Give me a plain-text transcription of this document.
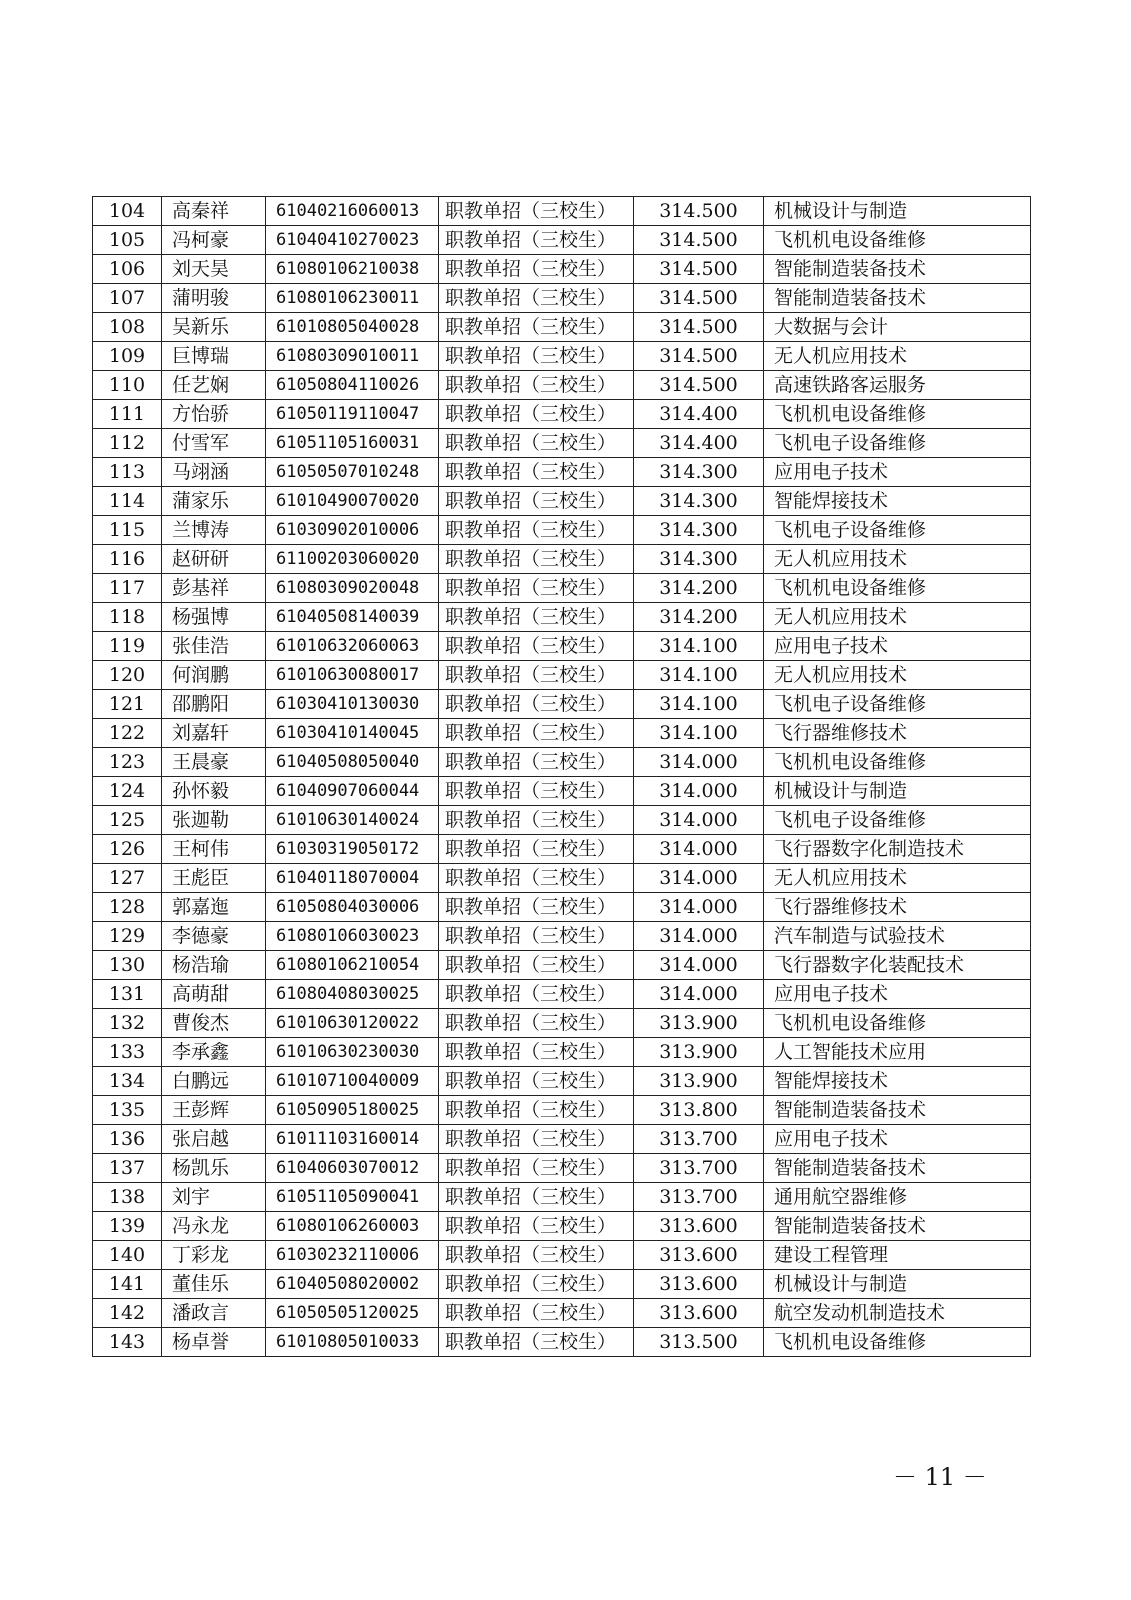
104	高秦祥	61040216060013	职教单招（三校生）	314.500	机械设计与制造
105	冯柯豪	61040410270023	职教单招（三校生）	314.500	飞机机电设备维修
106	刘天昊	61080106210038	职教单招（三校生）	314.500	智能制造装备技术
107	蒲明骏	61080106230011	职教单招（三校生）	314.500	智能制造装备技术
108	吴新乐	61010805040028	职教单招（三校生）	314.500	大数据与会计
109	巨博瑞	61080309010011	职教单招（三校生）	314.500	无人机应用技术
110	任艺娴	61050804110026	职教单招（三校生）	314.500	高速铁路客运服务
111	方怡骄	61050119110047	职教单招（三校生）	314.400	飞机机电设备维修
112	付雪军	61051105160031	职教单招（三校生）	314.400	飞机电子设备维修
113	马翊涵	61050507010248	职教单招（三校生）	314.300	应用电子技术
114	蒲家乐	61010490070020	职教单招（三校生）	314.300	智能焊接技术
115	兰博涛	61030902010006	职教单招（三校生）	314.300	飞机电子设备维修
116	赵研研	61100203060020	职教单招（三校生）	314.300	无人机应用技术
117	彭基祥	61080309020048	职教单招（三校生）	314.200	飞机机电设备维修
118	杨强博	61040508140039	职教单招（三校生）	314.200	无人机应用技术
119	张佳浩	61010632060063	职教单招（三校生）	314.100	应用电子技术
120	何润鹏	61010630080017	职教单招（三校生）	314.100	无人机应用技术
121	邵鹏阳	61030410130030	职教单招（三校生）	314.100	飞机电子设备维修
122	刘嘉轩	61030410140045	职教单招（三校生）	314.100	飞行器维修技术
123	王晨豪	61040508050040	职教单招（三校生）	314.000	飞机机电设备维修
124	孙怀毅	61040907060044	职教单招（三校生）	314.000	机械设计与制造
125	张迦勒	61010630140024	职教单招（三校生）	314.000	飞机电子设备维修
126	王柯伟	61030319050172	职教单招（三校生）	314.000	飞行器数字化制造技术
127	王彪臣	61040118070004	职教单招（三校生）	314.000	无人机应用技术
128	郭嘉迤	61050804030006	职教单招（三校生）	314.000	飞行器维修技术
129	李德豪	61080106030023	职教单招（三校生）	314.000	汽车制造与试验技术
130	杨浩瑜	61080106210054	职教单招（三校生）	314.000	飞行器数字化装配技术
131	高萌甜	61080408030025	职教单招（三校生）	314.000	应用电子技术
132	曹俊杰	61010630120022	职教单招（三校生）	313.900	飞机机电设备维修
133	李承鑫	61010630230030	职教单招（三校生）	313.900	人工智能技术应用
134	白鹏远	61010710040009	职教单招（三校生）	313.900	智能焊接技术
135	王彭辉	61050905180025	职教单招（三校生）	313.800	智能制造装备技术
136	张启越	61011103160014	职教单招（三校生）	313.700	应用电子技术
137	杨凯乐	61040603070012	职教单招（三校生）	313.700	智能制造装备技术
138	刘宇	61051105090041	职教单招（三校生）	313.700	通用航空器维修
139	冯永龙	61080106260003	职教单招（三校生）	313.600	智能制造装备技术
140	丁彩龙	61030232110006	职教单招（三校生）	313.600	建设工程管理
141	董佳乐	61040508020002	职教单招（三校生）	313.600	机械设计与制造
142	潘政言	61050505120025	职教单招（三校生）	313.600	航空发动机制造技术
143	杨卓誉	61010805010033	职教单招（三校生）	313.500	飞机机电设备维修
－ 11 －
